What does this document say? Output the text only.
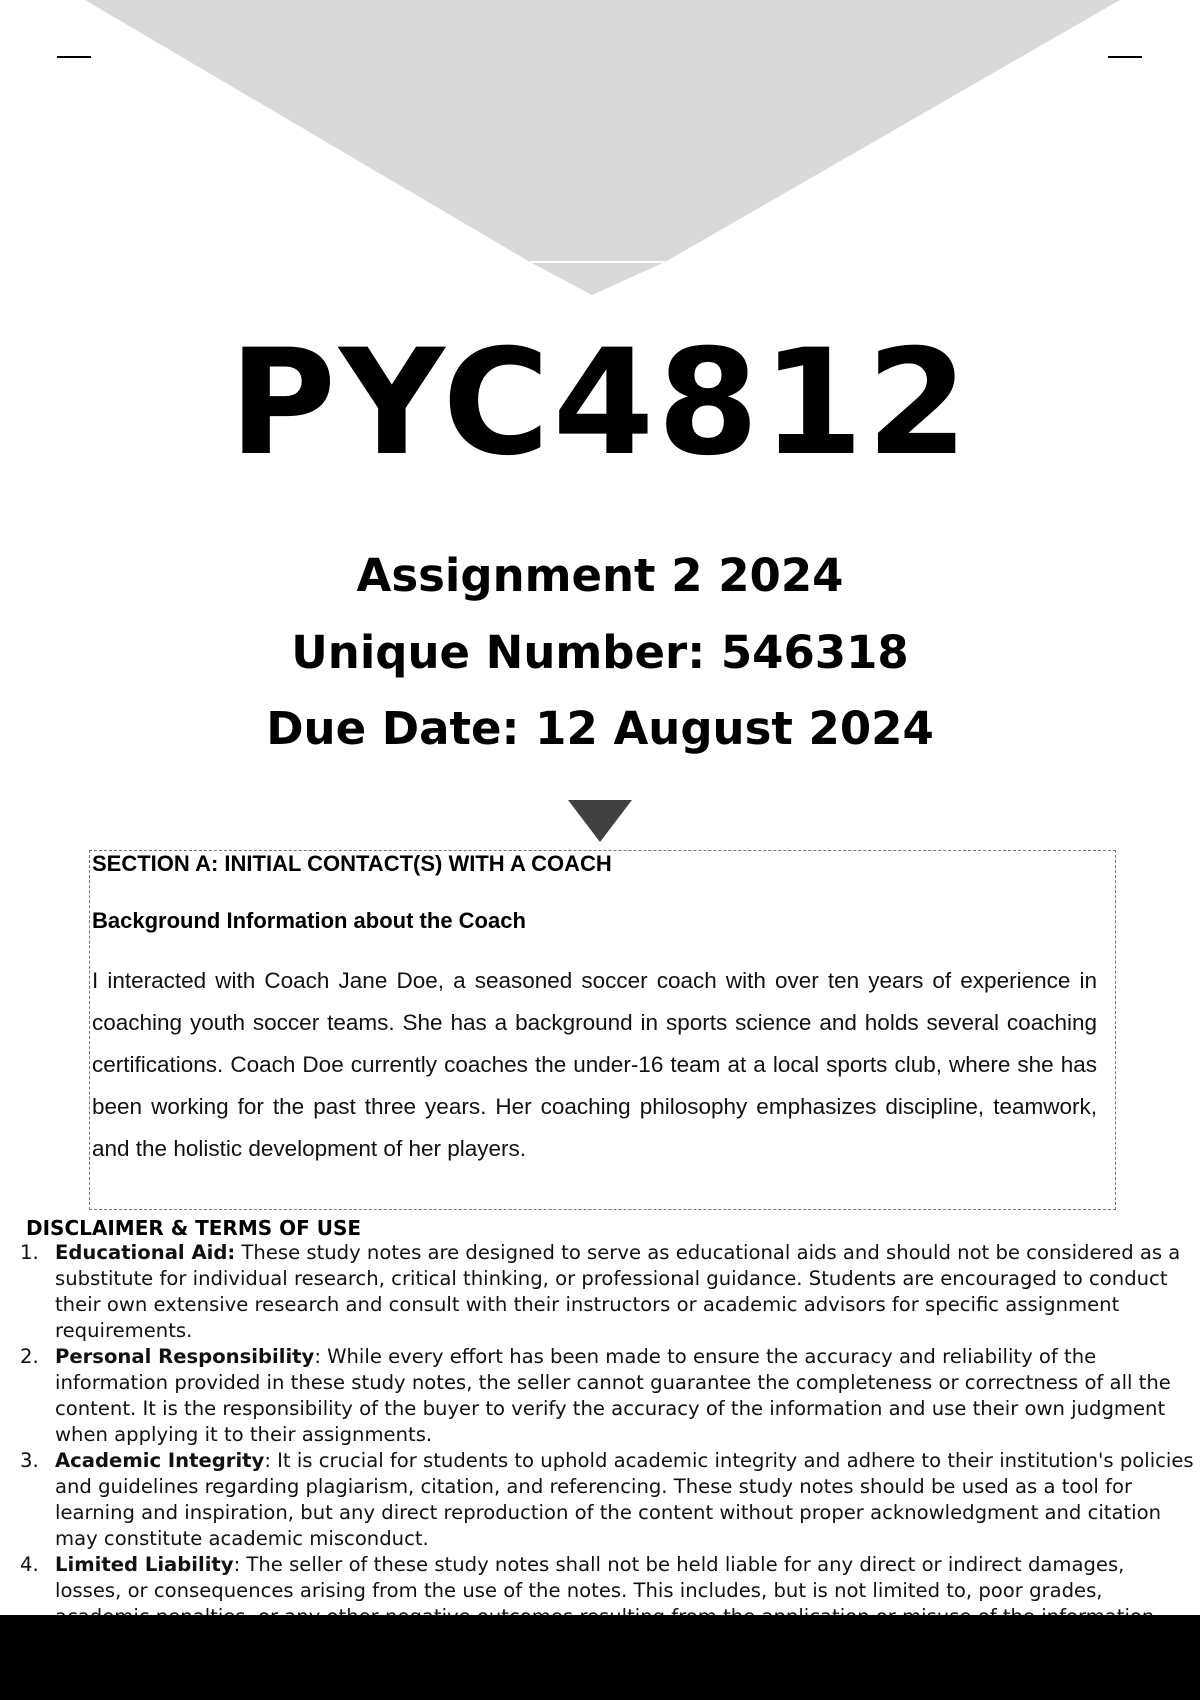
PYC4812
Assignment 2 2024
Unique Number: 546318
Due Date: 12 August 2024
SECTION A: INITIAL CONTACT(S) WITH A COACH
Background Information about the Coach
I interacted with Coach Jane Doe, a seasoned soccer coach with over ten years of experience in coaching youth soccer teams. She has a background in sports science and holds several coaching certifications. Coach Doe currently coaches the under-16 team at a local sports club, where she has been working for the past three years. Her coaching philosophy emphasizes discipline, teamwork, and the holistic development of her players.
DISCLAIMER & TERMS OF USE
1. Educational Aid: These study notes are designed to serve as educational aids and should not be considered as a substitute for individual research, critical thinking, or professional guidance. Students are encouraged to conduct their own extensive research and consult with their instructors or academic advisors for specific assignment requirements.
2. Personal Responsibility: While every effort has been made to ensure the accuracy and reliability of the information provided in these study notes, the seller cannot guarantee the completeness or correctness of all the content. It is the responsibility of the buyer to verify the accuracy of the information and use their own judgment when applying it to their assignments.
3. Academic Integrity: It is crucial for students to uphold academic integrity and adhere to their institution's policies and guidelines regarding plagiarism, citation, and referencing. These study notes should be used as a tool for learning and inspiration, but any direct reproduction of the content without proper acknowledgment and citation may constitute academic misconduct.
4. Limited Liability: The seller of these study notes shall not be held liable for any direct or indirect damages, losses, or consequences arising from the use of the notes. This includes, but is not limited to, poor grades,
